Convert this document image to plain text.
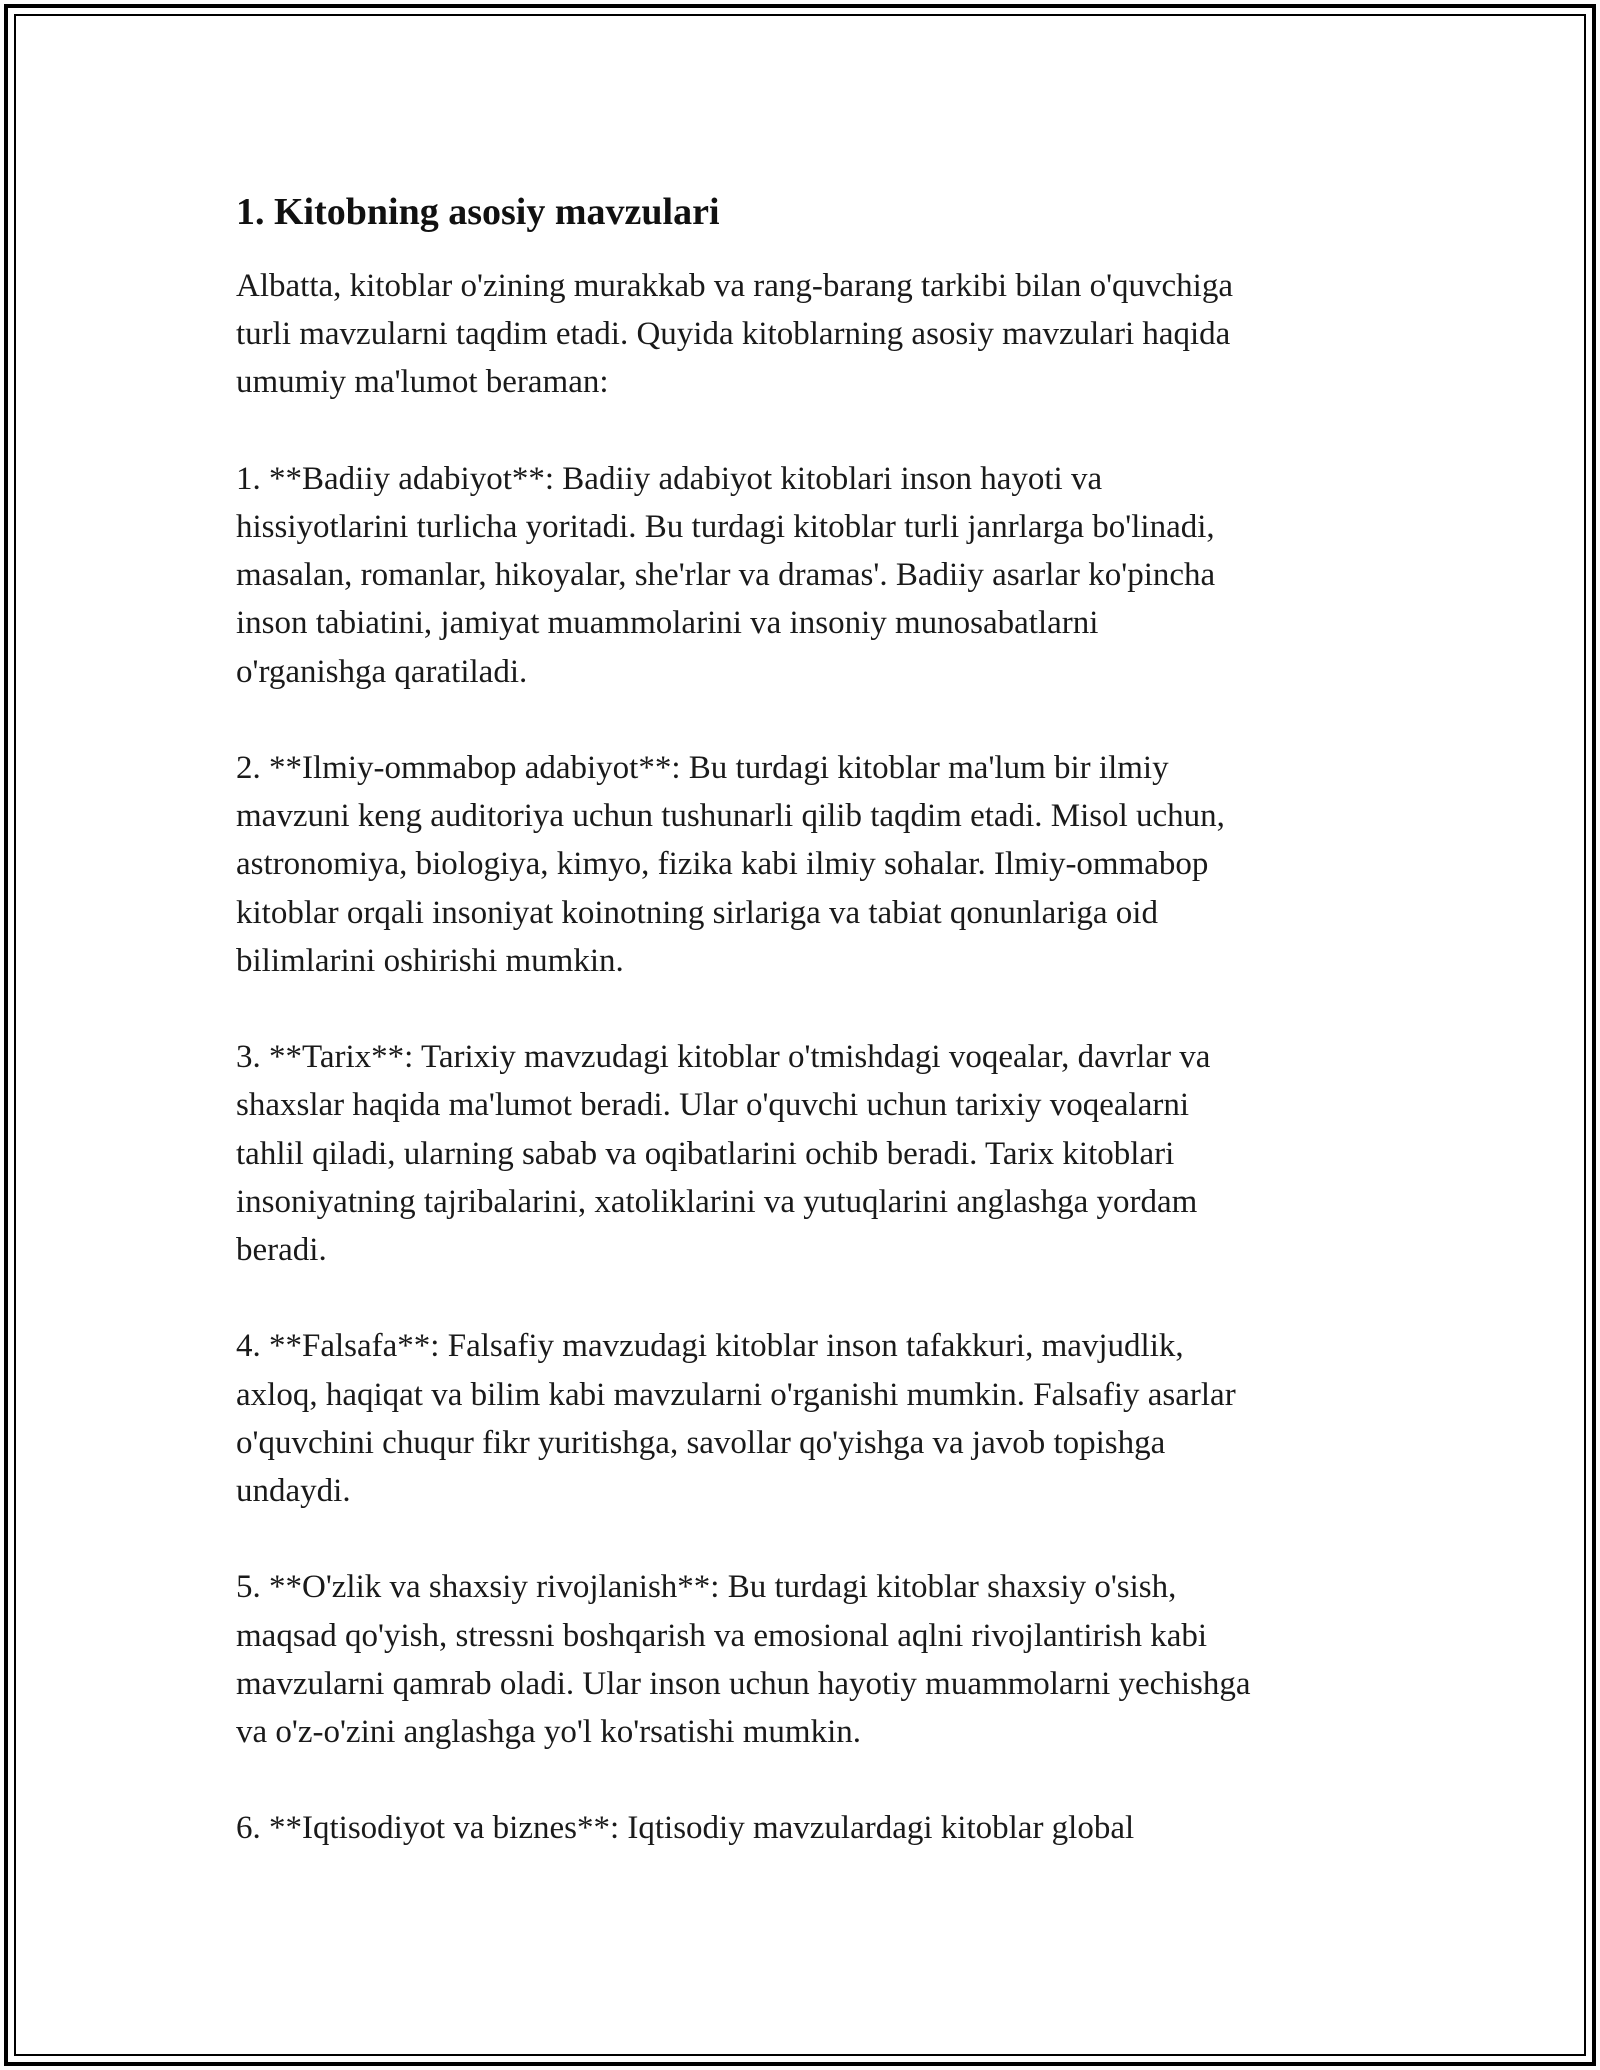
1. Kitobning asosiy mavzulari

Albatta, kitoblar o'zining murakkab va rang-barang tarkibi bilan o'quvchiga
turli mavzularni taqdim etadi. Quyida kitoblarning asosiy mavzulari haqida
umumiy ma'lumot beraman:

1. **Badiiy adabiyot**: Badiiy adabiyot kitoblari inson hayoti va
hissiyotlarini turlicha yoritadi. Bu turdagi kitoblar turli janrlarga bo'linadi,
masalan, romanlar, hikoyalar, she'rlar va dramas'. Badiiy asarlar ko'pincha
inson tabiatini, jamiyat muammolarini va insoniy munosabatlarni
o'rganishga qaratiladi.

2. **Ilmiy-ommabop adabiyot**: Bu turdagi kitoblar ma'lum bir ilmiy
mavzuni keng auditoriya uchun tushunarli qilib taqdim etadi. Misol uchun,
astronomiya, biologiya, kimyo, fizika kabi ilmiy sohalar. Ilmiy-ommabop
kitoblar orqali insoniyat koinotning sirlariga va tabiat qonunlariga oid
bilimlarini oshirishi mumkin.

3. **Tarix**: Tarixiy mavzudagi kitoblar o'tmishdagi voqealar, davrlar va
shaxslar haqida ma'lumot beradi. Ular o'quvchi uchun tarixiy voqealarni
tahlil qiladi, ularning sabab va oqibatlarini ochib beradi. Tarix kitoblari
insoniyatning tajribalarini, xatoliklarini va yutuqlarini anglashga yordam
beradi.

4. **Falsafa**: Falsafiy mavzudagi kitoblar inson tafakkuri, mavjudlik,
axloq, haqiqat va bilim kabi mavzularni o'rganishi mumkin. Falsafiy asarlar
o'quvchini chuqur fikr yuritishga, savollar qo'yishga va javob topishga
undaydi.

5. **O'zlik va shaxsiy rivojlanish**: Bu turdagi kitoblar shaxsiy o'sish,
maqsad qo'yish, stressni boshqarish va emosional aqlni rivojlantirish kabi
mavzularni qamrab oladi. Ular inson uchun hayotiy muammolarni yechishga
va o'z-o'zini anglashga yo'l ko'rsatishi mumkin.

6. **Iqtisodiyot va biznes**: Iqtisodiy mavzulardagi kitoblar global
